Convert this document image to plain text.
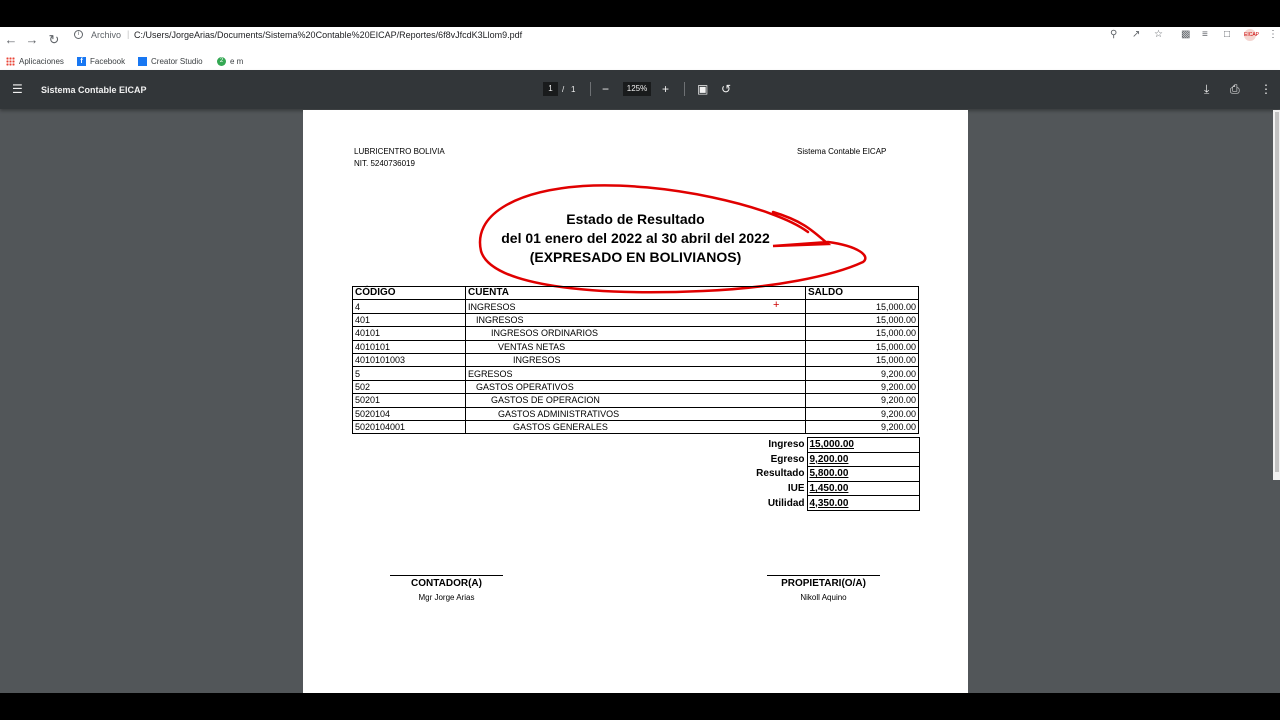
← → ↻	i	Archivo | C:/Users/JorgeArias/Documents/Sistema%20Contable%20EICAP/Reportes/6f8vJfcdK3Llom9.pdf	⚲ ↗ ☆ ▩ ≡ □	EICAP ⋮
Aplicaciones	f Facebook	Creator Studio	2 e m
☰ Sistema Contable EICAP	1	/ 1 −	125%	+ ▣ ↺	⤓ ⎙ ⋮
LUBRICENTRO BOLIVIA
NIT. 5240736019
Sistema Contable EICAP
Estado de Resultado
del 01 enero del 2022 al 30 abril del 2022
(EXPRESADO EN BOLIVIANOS)
CÓDIGO	CUENTA	SALDO
4	INGRESOS	15,000.00
401	INGRESOS	15,000.00
40101	INGRESOS ORDINARIOS	15,000.00
4010101	VENTAS NETAS	15,000.00
4010101003	INGRESOS	15,000.00
5	EGRESOS	9,200.00
502	GASTOS OPERATIVOS	9,200.00
50201	GASTOS DE OPERACION	9,200.00
5020104	GASTOS ADMINISTRATIVOS	9,200.00
5020104001	GASTOS GENERALES	9,200.00
Ingreso	15,000.00
Egreso	9,200.00
Resultado	5,800.00
IUE	1,450.00
Utilidad	4,350.00
CONTADOR(A)
Mgr Jorge Arias
PROPIETARI(O/A)
Nikoll Aquino
+
